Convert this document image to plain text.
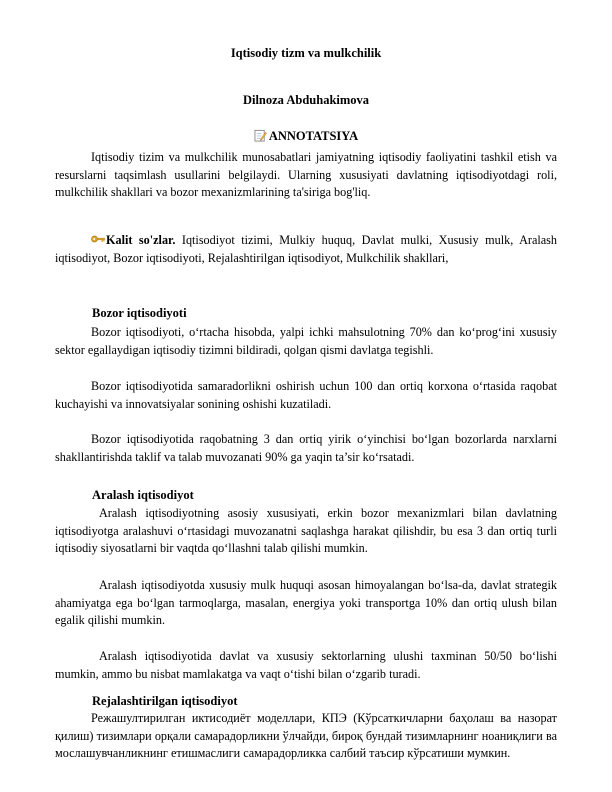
Iqtisodiy tizm va mulkchilik
Dilnoza Abduhakimova
ANNOTATSIYA

Iqtisodiy tizim va mulkchilik munosabatlari jamiyatning iqtisodiy faoliyatini tashkil etish va resurslarni taqsimlash usullarini belgilaydi. Ularning xususiyati davlatning iqtisodiyotdagi roli, mulkchilik shakllari va bozor mexanizmlarining ta'siriga bog'liq.

Kalit so'zlar. Iqtisodiyot tizimi, Mulkiy huquq, Davlat mulki, Xususiy mulk, Aralash iqtisodiyot, Bozor iqtisodiyoti, Rejalashtirilgan iqtisodiyot, Mulkchilik shakllari,

Bozor iqtisodiyoti

Bozor iqtisodiyoti, o‘rtacha hisobda, yalpi ichki mahsulotning 70% dan ko‘prog‘ini xususiy sektor egallaydigan iqtisodiy tizimni bildiradi, qolgan qismi davlatga tegishli.

Bozor iqtisodiyotida samaradorlikni oshirish uchun 100 dan ortiq korxona o‘rtasida raqobat kuchayishi va innovatsiyalar sonining oshishi kuzatiladi.

Bozor iqtisodiyotida raqobatning 3 dan ortiq yirik o‘yinchisi bo‘lgan bozorlarda narxlarni shakllantirishda taklif va talab muvozanati 90% ga yaqin ta’sir ko‘rsatadi.

Aralash iqtisodiyot

Aralash iqtisodiyotning asosiy xususiyati, erkin bozor mexanizmlari bilan davlatning iqtisodiyotga aralashuvi o‘rtasidagi muvozanatni saqlashga harakat qilishdir, bu esa 3 dan ortiq turli iqtisodiy siyosatlarni bir vaqtda qo‘llashni talab qilishi mumkin.

Aralash iqtisodiyotda xususiy mulk huquqi asosan himoyalangan bo‘lsa-da, davlat strategik ahamiyatga ega bo‘lgan tarmoqlarga, masalan, energiya yoki transportga 10% dan ortiq ulush bilan egalik qilishi mumkin.

Aralash iqtisodiyotida davlat va xususiy sektorlarning ulushi taxminan 50/50 bo‘lishi mumkin, ammo bu nisbat mamlakatga va vaqt o‘tishi bilan o‘zgarib turadi.

Rejalashtirilgan iqtisodiyot

Режашултирилган иктисодиёт моделлари, КПЭ (Кўрсаткичларни баҳолаш ва назорат қилиш) тизимлари орқали самарадорликни ўлчайди, бироқ бундай тизимларнинг ноаниқлиги ва мослашувчанликнинг етишмаслиги самарадорликка салбий таъсир кўрсатиши мумкин.
